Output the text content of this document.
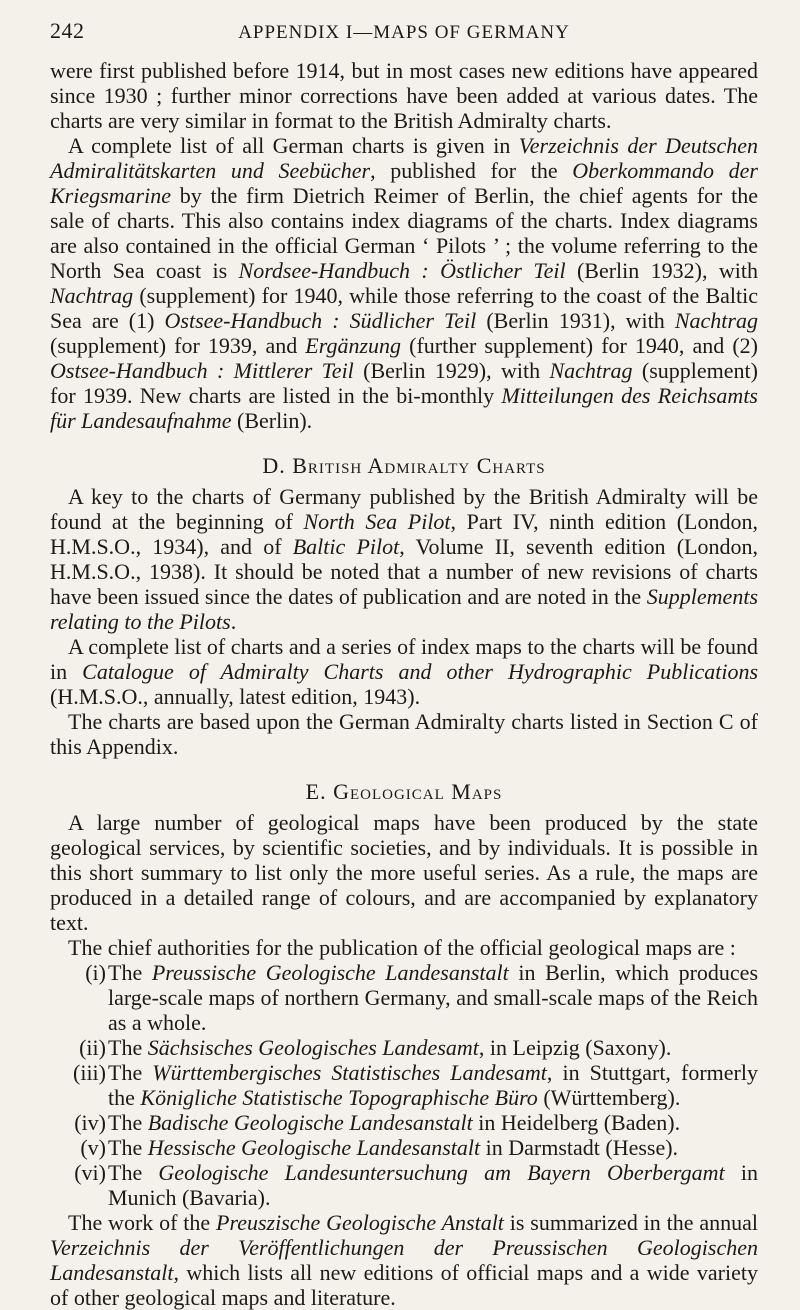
242	APPENDIX I—MAPS OF GERMANY

were first published before 1914, but in most cases new editions have appeared since 1930 ; further minor corrections have been added at various dates. The charts are very similar in format to the British Admiralty charts.

A complete list of all German charts is given in Verzeichnis der Deutschen Admiralitätskarten und Seebücher, published for the Oberkommando der Kriegsmarine by the firm Dietrich Reimer of Berlin, the chief agents for the sale of charts. This also contains index diagrams of the charts. Index diagrams are also contained in the official German ‘ Pilots ’ ; the volume referring to the North Sea coast is Nordsee-Handbuch : Östlicher Teil (Berlin 1932), with Nachtrag (supplement) for 1940, while those referring to the coast of the Baltic Sea are (1) Ostsee-Handbuch : Südlicher Teil (Berlin 1931), with Nachtrag (supplement) for 1939, and Ergänzung (further supplement) for 1940, and (2) Ostsee-Handbuch : Mittlerer Teil (Berlin 1929), with Nachtrag (supplement) for 1939. New charts are listed in the bi-monthly Mitteilungen des Reichsamts für Landesaufnahme (Berlin).

D. British Admiralty Charts

A key to the charts of Germany published by the British Admiralty will be found at the beginning of North Sea Pilot, Part IV, ninth edition (London, H.M.S.O., 1934), and of Baltic Pilot, Volume II, seventh edition (London, H.M.S.O., 1938). It should be noted that a number of new revisions of charts have been issued since the dates of publication and are noted in the Supplements relating to the Pilots.

A complete list of charts and a series of index maps to the charts will be found in Catalogue of Admiralty Charts and other Hydrographic Publications (H.M.S.O., annually, latest edition, 1943).

The charts are based upon the German Admiralty charts listed in Section C of this Appendix.

E. Geological Maps

A large number of geological maps have been produced by the state geological services, by scientific societies, and by individuals. It is possible in this short summary to list only the more useful series. As a rule, the maps are produced in a detailed range of colours, and are accompanied by explanatory text.

The chief authorities for the publication of the official geological maps are :

(i) The Preussische Geologische Landesanstalt in Berlin, which produces large-scale maps of northern Germany, and small-scale maps of the Reich as a whole.
(ii) The Sächsisches Geologisches Landesamt, in Leipzig (Saxony).
(iii) The Württembergisches Statistisches Landesamt, in Stuttgart, formerly the Königliche Statistische Topographische Büro (Württemberg).
(iv) The Badische Geologische Landesanstalt in Heidelberg (Baden).
(v) The Hessische Geologische Landesanstalt in Darmstadt (Hesse).
(vi) The Geologische Landesuntersuchung am Bayern Oberbergamt in Munich (Bavaria).

The work of the Preuszische Geologische Anstalt is summarized in the annual Verzeichnis der Veröffentlichungen der Preussischen Geologischen Landesanstalt, which lists all new editions of official maps and a wide variety of other geological maps and literature.
